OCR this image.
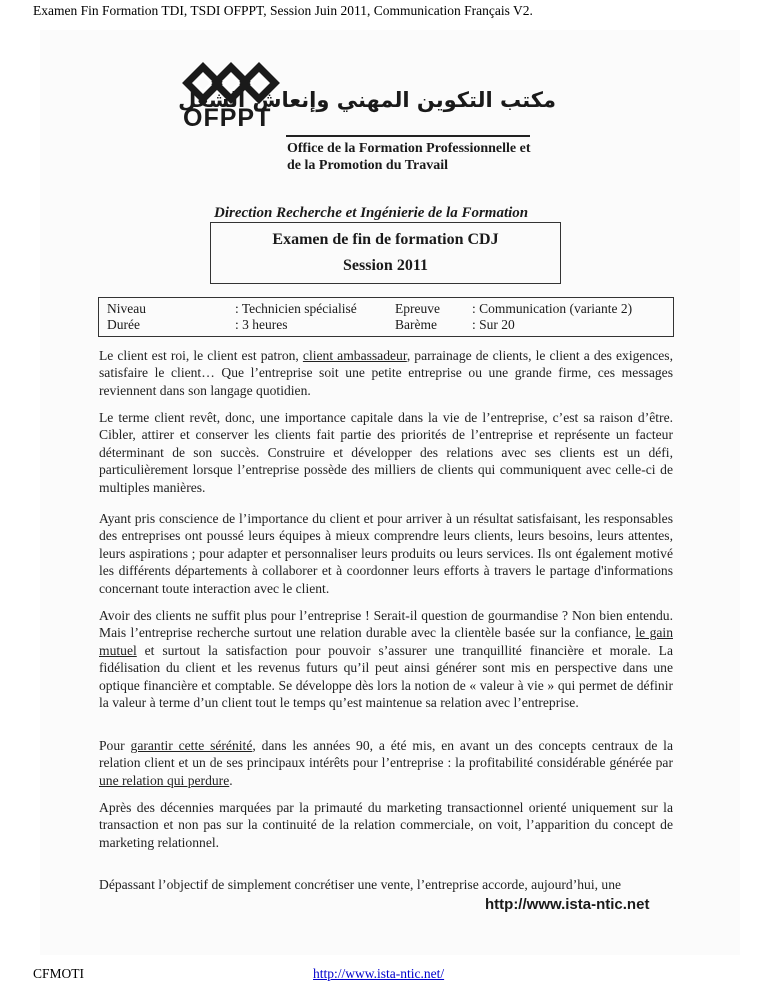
Examen Fin Formation TDI, TSDI OFPPT, Session Juin 2011, Communication Français V2.
OFPPT
مكتب التكوين المهني وإنعاش الشغل
Office de la Formation Professionnelle et
de la Promotion du Travail
Direction Recherche et Ingénierie de la Formation
Examen de fin de formation CDJ
Session 2011
Niveau	: Technicien spécialisé	Epreuve : Communication (variante 2)
Durée	: 3 heures	Barème	: Sur 20
Le client est roi, le client est patron, client ambassadeur, parrainage de clients, le client a des exigences, satisfaire le client… Que l’entreprise soit une petite entreprise ou une grande firme, ces messages reviennent dans son langage quotidien.
Le terme client revêt, donc, une importance capitale dans la vie de l’entreprise, c’est sa raison d’être. Cibler, attirer et conserver les clients fait partie des priorités de l’entreprise et représente un facteur déterminant de son succès. Construire et développer des relations avec ses clients est un défi, particulièrement lorsque l’entreprise possède des milliers de clients qui communiquent avec celle-ci de multiples manières.
Ayant pris conscience de l’importance du client et pour arriver à un résultat satisfaisant, les responsables des entreprises ont poussé leurs équipes à mieux comprendre leurs clients, leurs besoins, leurs attentes, leurs aspirations ; pour adapter et personnaliser leurs produits ou leurs services. Ils ont également motivé les différents départements à collaborer et à coordonner leurs efforts à travers le partage d'informations concernant toute interaction avec le client.
Avoir des clients ne suffit plus pour l’entreprise ! Serait-il question de gourmandise ? Non bien entendu. Mais l’entreprise recherche surtout une relation durable avec la clientèle basée sur la confiance, le gain mutuel et surtout la satisfaction pour pouvoir s’assurer une tranquillité financière et morale. La fidélisation du client et les revenus futurs qu’il peut ainsi générer sont mis en perspective dans une optique financière et comptable. Se développe dès lors la notion de « valeur à vie » qui permet de définir la valeur à terme d’un client tout le temps qu’est maintenue sa relation avec l’entreprise.
Pour garantir cette sérénité, dans les années 90, a été mis, en avant un des concepts centraux de la relation client et un de ses principaux intérêts pour l’entreprise : la profitabilité considérable générée par une relation qui perdure.
Après des décennies marquées par la primauté du marketing transactionnel orienté uniquement sur la transaction et non pas sur la continuité de la relation commerciale, on voit, l’apparition du concept de marketing relationnel.
Dépassant l’objectif de simplement concrétiser une vente, l’entreprise accorde, aujourd’hui, une
http://www.ista-ntic.net
CFMOTI	http://www.ista-ntic.net/
